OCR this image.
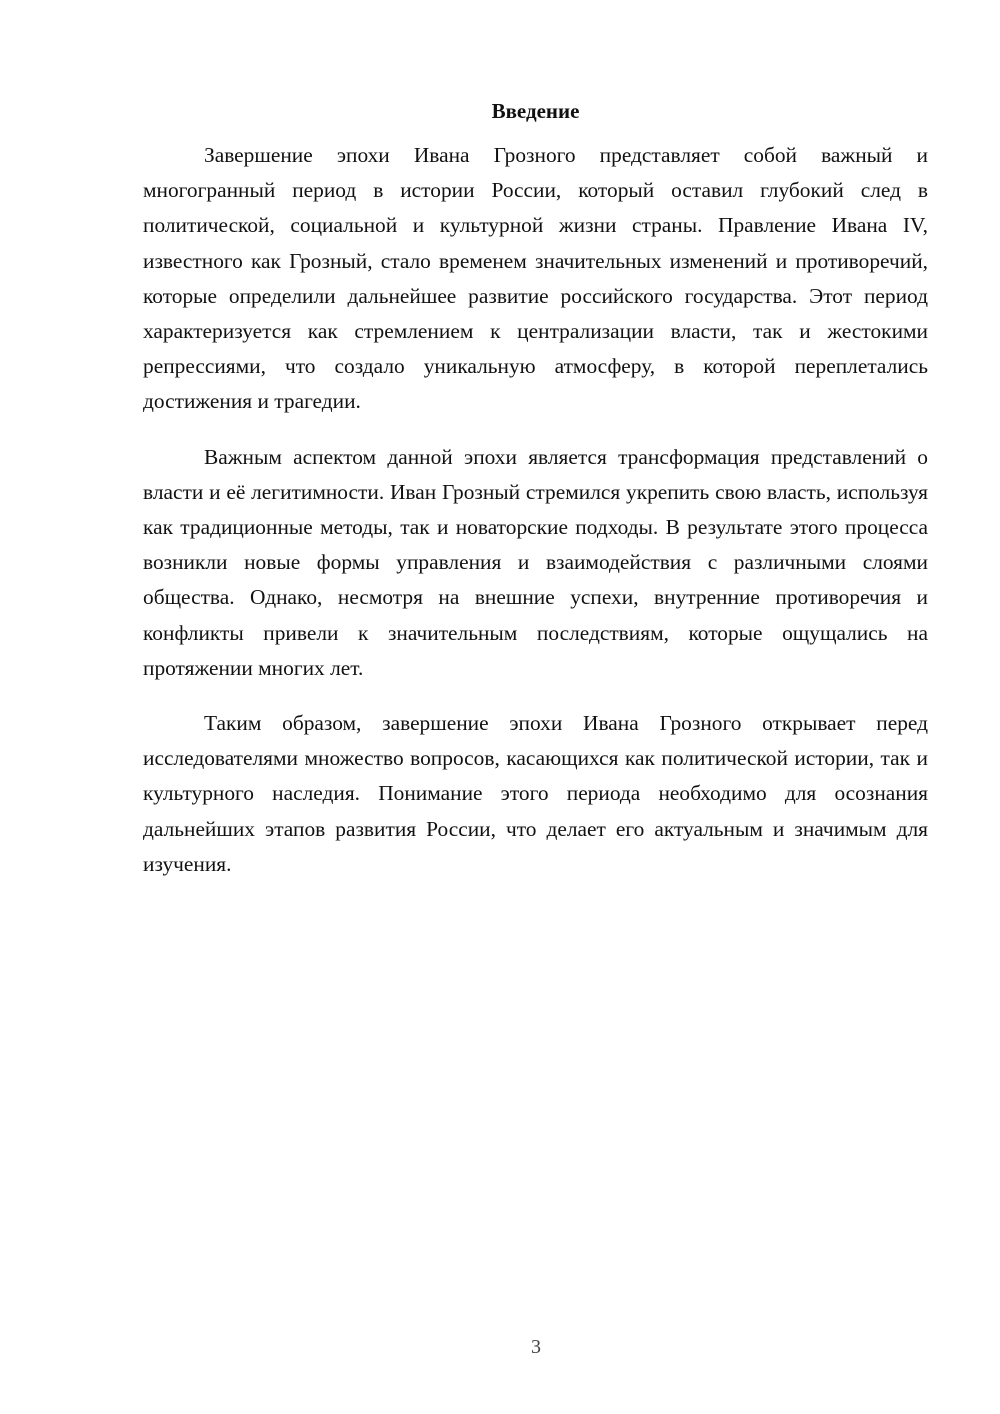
Введение

Завершение эпохи Ивана Грозного представляет собой важный и многогранный период в истории России, который оставил глубокий след в политической, социальной и культурной жизни страны. Правление Ивана IV, известного как Грозный, стало временем значительных изменений и противоречий, которые определили дальнейшее развитие российского государства. Этот период характеризуется как стремлением к централизации власти, так и жестокими репрессиями, что создало уникальную атмосферу, в которой переплетались достижения и трагедии.

Важным аспектом данной эпохи является трансформация представлений о власти и её легитимности. Иван Грозный стремился укрепить свою власть, используя как традиционные методы, так и новаторские подходы. В результате этого процесса возникли новые формы управления и взаимодействия с различными слоями общества. Однако, несмотря на внешние успехи, внутренние противоречия и конфликты привели к значительным последствиям, которые ощущались на протяжении многих лет.

Таким образом, завершение эпохи Ивана Грозного открывает перед исследователями множество вопросов, касающихся как политической истории, так и культурного наследия. Понимание этого периода необходимо для осознания дальнейших этапов развития России, что делает его актуальным и значимым для изучения.

3
